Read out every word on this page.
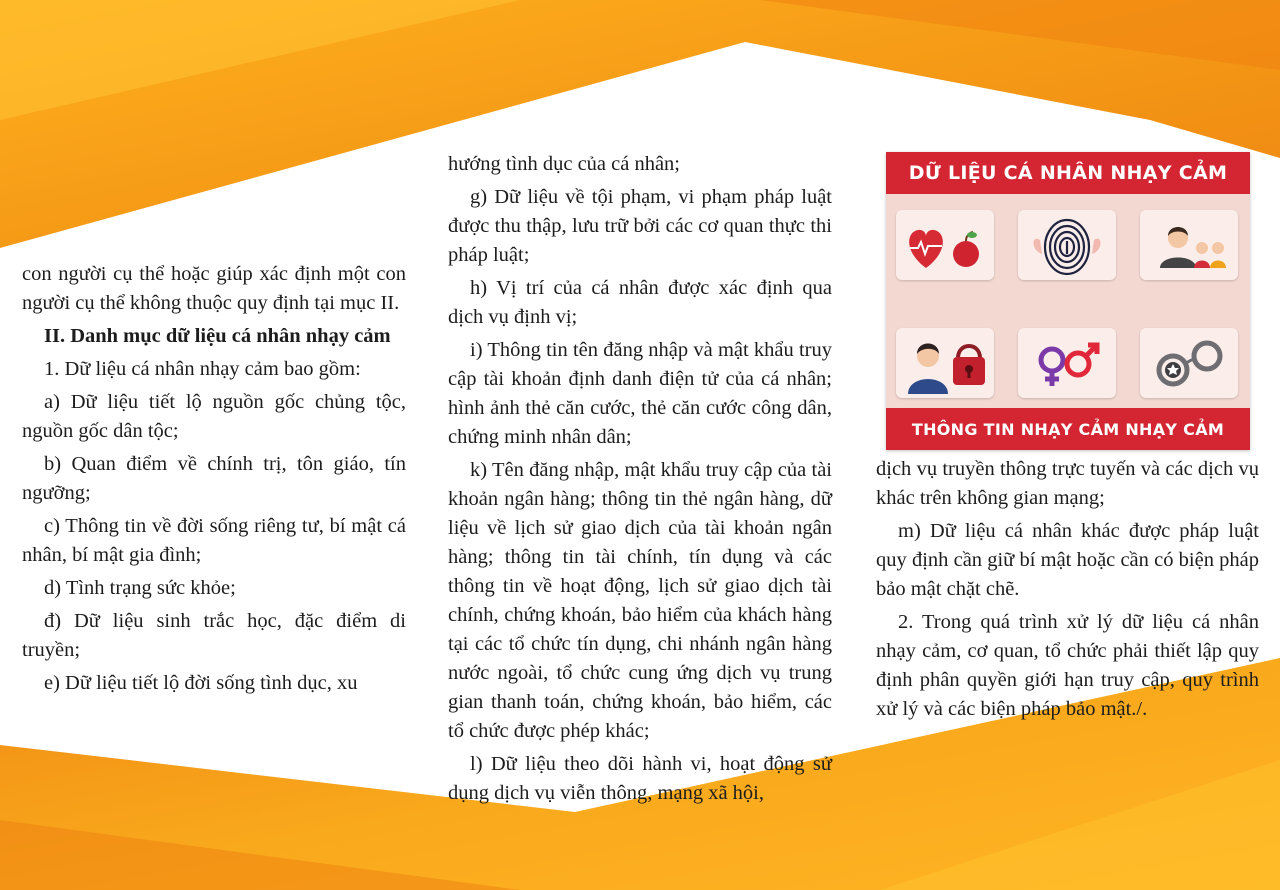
con người cụ thể hoặc giúp xác định một con người cụ thể không thuộc quy định tại mục II.

II. Danh mục dữ liệu cá nhân nhạy cảm

1. Dữ liệu cá nhân nhạy cảm bao gồm:

a) Dữ liệu tiết lộ nguồn gốc chủng tộc, nguồn gốc dân tộc;

b) Quan điểm về chính trị, tôn giáo, tín ngưỡng;

c) Thông tin về đời sống riêng tư, bí mật cá nhân, bí mật gia đình;

d) Tình trạng sức khỏe;

đ) Dữ liệu sinh trắc học, đặc điểm di truyền;

e) Dữ liệu tiết lộ đời sống tình dục, xu

hướng tình dục của cá nhân;

g) Dữ liệu về tội phạm, vi phạm pháp luật được thu thập, lưu trữ bởi các cơ quan thực thi pháp luật;

h) Vị trí của cá nhân được xác định qua dịch vụ định vị;

i) Thông tin tên đăng nhập và mật khẩu truy cập tài khoản định danh điện tử của cá nhân; hình ảnh thẻ căn cước, thẻ căn cước công dân, chứng minh nhân dân;

k) Tên đăng nhập, mật khẩu truy cập của tài khoản ngân hàng; thông tin thẻ ngân hàng, dữ liệu về lịch sử giao dịch của tài khoản ngân hàng; thông tin tài chính, tín dụng và các thông tin về hoạt động, lịch sử giao dịch tài chính, chứng khoán, bảo hiểm của khách hàng tại các tổ chức tín dụng, chi nhánh ngân hàng nước ngoài, tổ chức cung ứng dịch vụ trung gian thanh toán, chứng khoán, bảo hiểm, các tổ chức được phép khác;

l) Dữ liệu theo dõi hành vi, hoạt động sử dụng dịch vụ viễn thông, mạng xã hội,

DỮ LIỆU CÁ NHÂN NHẠY CẢM
THÔNG TIN NHẠY CẢM NHẠY CẢM

dịch vụ truyền thông trực tuyến và các dịch vụ khác trên không gian mạng;

m) Dữ liệu cá nhân khác được pháp luật quy định cần giữ bí mật hoặc cần có biện pháp bảo mật chặt chẽ.

2. Trong quá trình xử lý dữ liệu cá nhân nhạy cảm, cơ quan, tổ chức phải thiết lập quy định phân quyền giới hạn truy cập, quy trình xử lý và các biện pháp bảo mật./.
